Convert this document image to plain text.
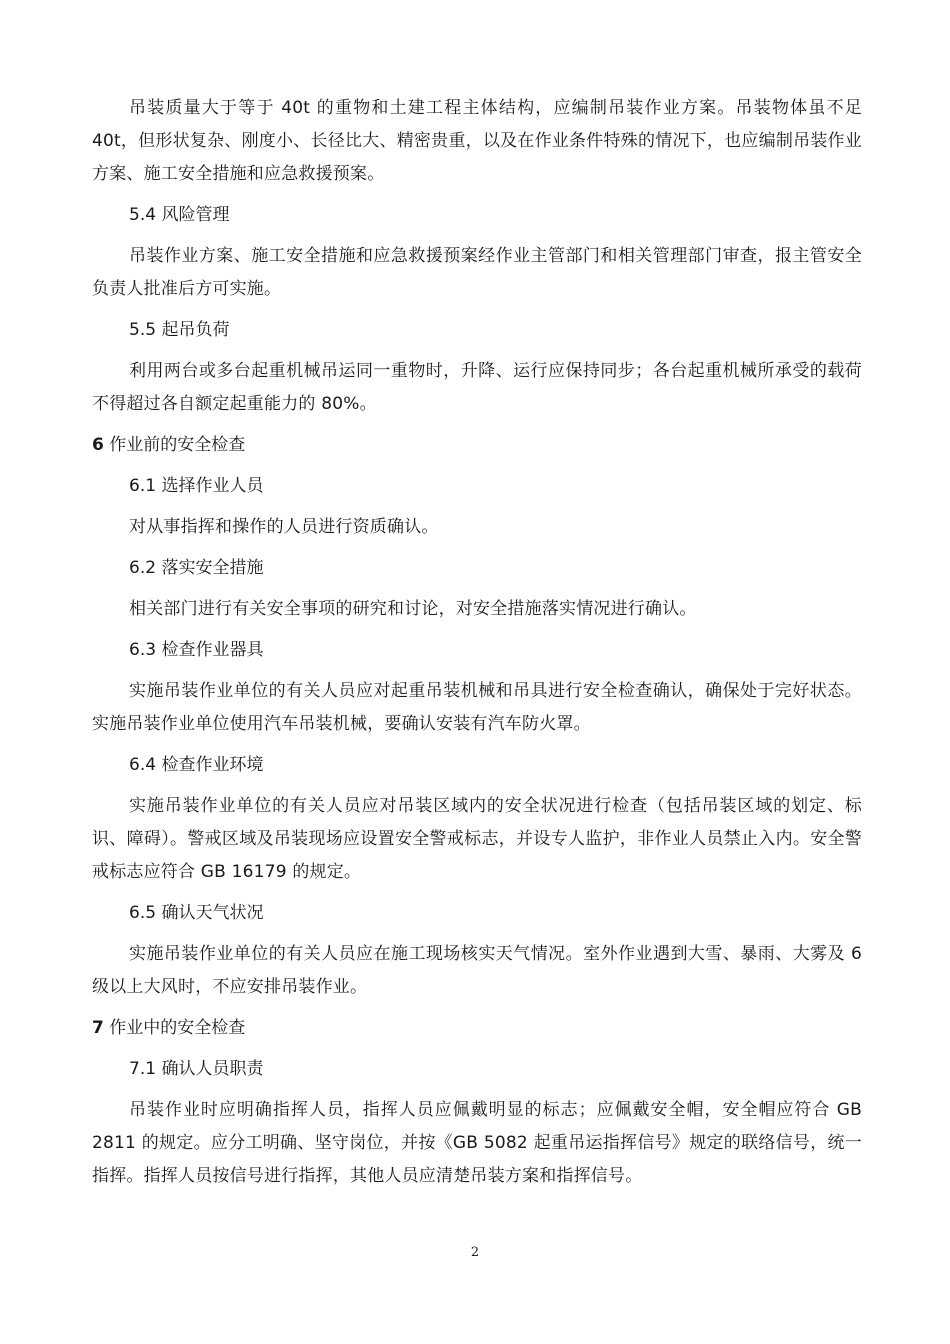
吊装质量大于等于 40t 的重物和土建工程主体结构，应编制吊装作业方案。吊装物体虽不足 40t，但形状复杂、刚度小、长径比大、精密贵重，以及在作业条件特殊的情况下，也应编制吊装作业方案、施工安全措施和应急救援预案。

5.4 风险管理

吊装作业方案、施工安全措施和应急救援预案经作业主管部门和相关管理部门审查，报主管安全负责人批准后方可实施。

5.5 起吊负荷

利用两台或多台起重机械吊运同一重物时，升降、运行应保持同步；各台起重机械所承受的载荷不得超过各自额定起重能力的 80%。

6 作业前的安全检查

6.1 选择作业人员

对从事指挥和操作的人员进行资质确认。

6.2 落实安全措施

相关部门进行有关安全事项的研究和讨论，对安全措施落实情况进行确认。

6.3 检查作业器具

实施吊装作业单位的有关人员应对起重吊装机械和吊具进行安全检查确认，确保处于完好状态。实施吊装作业单位使用汽车吊装机械，要确认安装有汽车防火罩。

6.4 检查作业环境

实施吊装作业单位的有关人员应对吊装区域内的安全状况进行检查（包括吊装区域的划定、标识、障碍）。警戒区域及吊装现场应设置安全警戒标志，并设专人监护，非作业人员禁止入内。安全警戒标志应符合 GB 16179 的规定。

6.5 确认天气状况

实施吊装作业单位的有关人员应在施工现场核实天气情况。室外作业遇到大雪、暴雨、大雾及 6 级以上大风时，不应安排吊装作业。

7 作业中的安全检查

7.1 确认人员职责

吊装作业时应明确指挥人员，指挥人员应佩戴明显的标志；应佩戴安全帽，安全帽应符合 GB 2811 的规定。应分工明确、坚守岗位，并按《GB 5082 起重吊运指挥信号》规定的联络信号，统一指挥。指挥人员按信号进行指挥，其他人员应清楚吊装方案和指挥信号。

2
